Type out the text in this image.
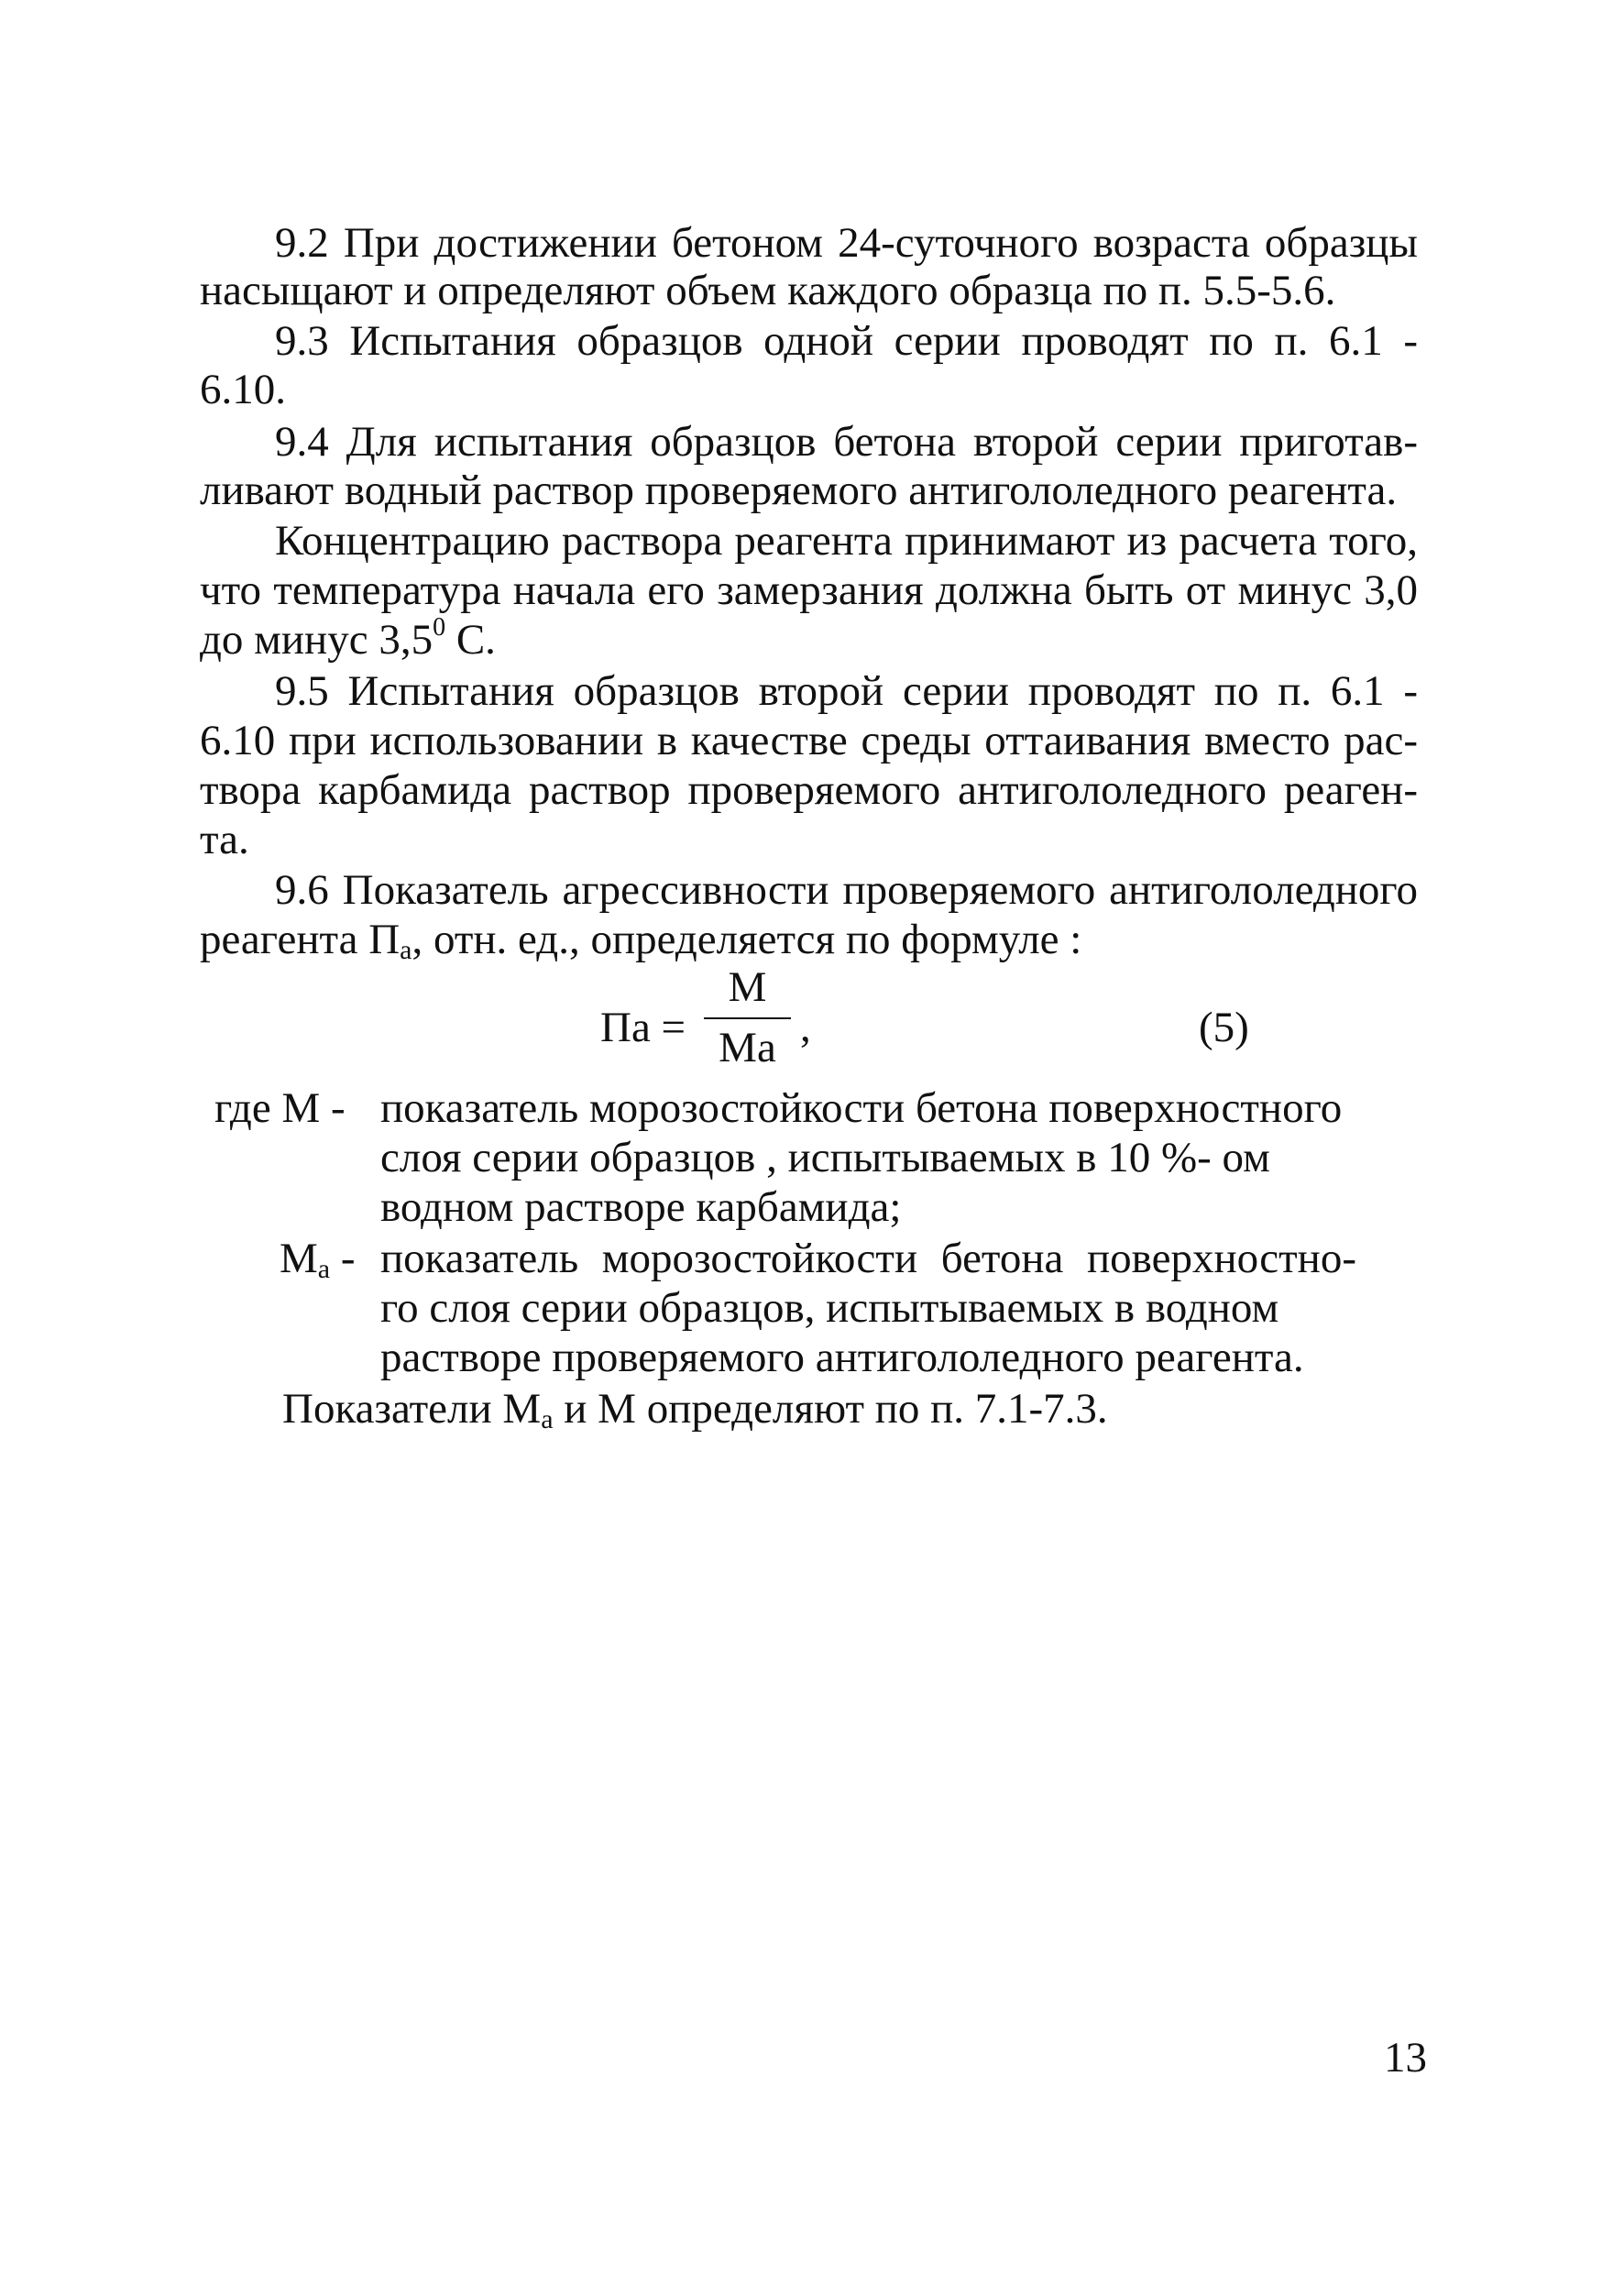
9.2 При достижении бетоном 24-суточного возраста образцы
насыщают и определяют объем каждого образца по п. 5.5-5.6.
9.3 Испытания образцов одной серии проводят по п. 6.1 -
6.10.
9.4 Для испытания образцов бетона второй серии приготав-
ливают водный раствор проверяемого антигололедного реагента.
Концентрацию раствора реагента принимают из расчета того,
что температура начала его замерзания должна быть от минус 3,0
до минус $3,5^0$ С.
9.5 Испытания образцов второй серии проводят по п. 6.1 -
6.10 при использовании в качестве среды оттаивания вместо рас-
твора карбамида раствор проверяемого антигололедного реаген-
та.
9.6 Показатель агрессивности проверяемого антигололедного
реагента $П_а$, отн. ед., определяется по формуле :
Па =
М
Ма ,	(5)
где М - показатель морозостойкости бетона поверхностного
слоя серии образцов , испытываемых в 10 %- ом
водном растворе карбамида;
$М_а$ - показатель морозостойкости бетона поверхностно-
го слоя серии образцов, испытываемых в водном
растворе проверяемого антигололедного реагента.
Показатели $М_а$ и М определяют по п. 7.1-7.3.
13
